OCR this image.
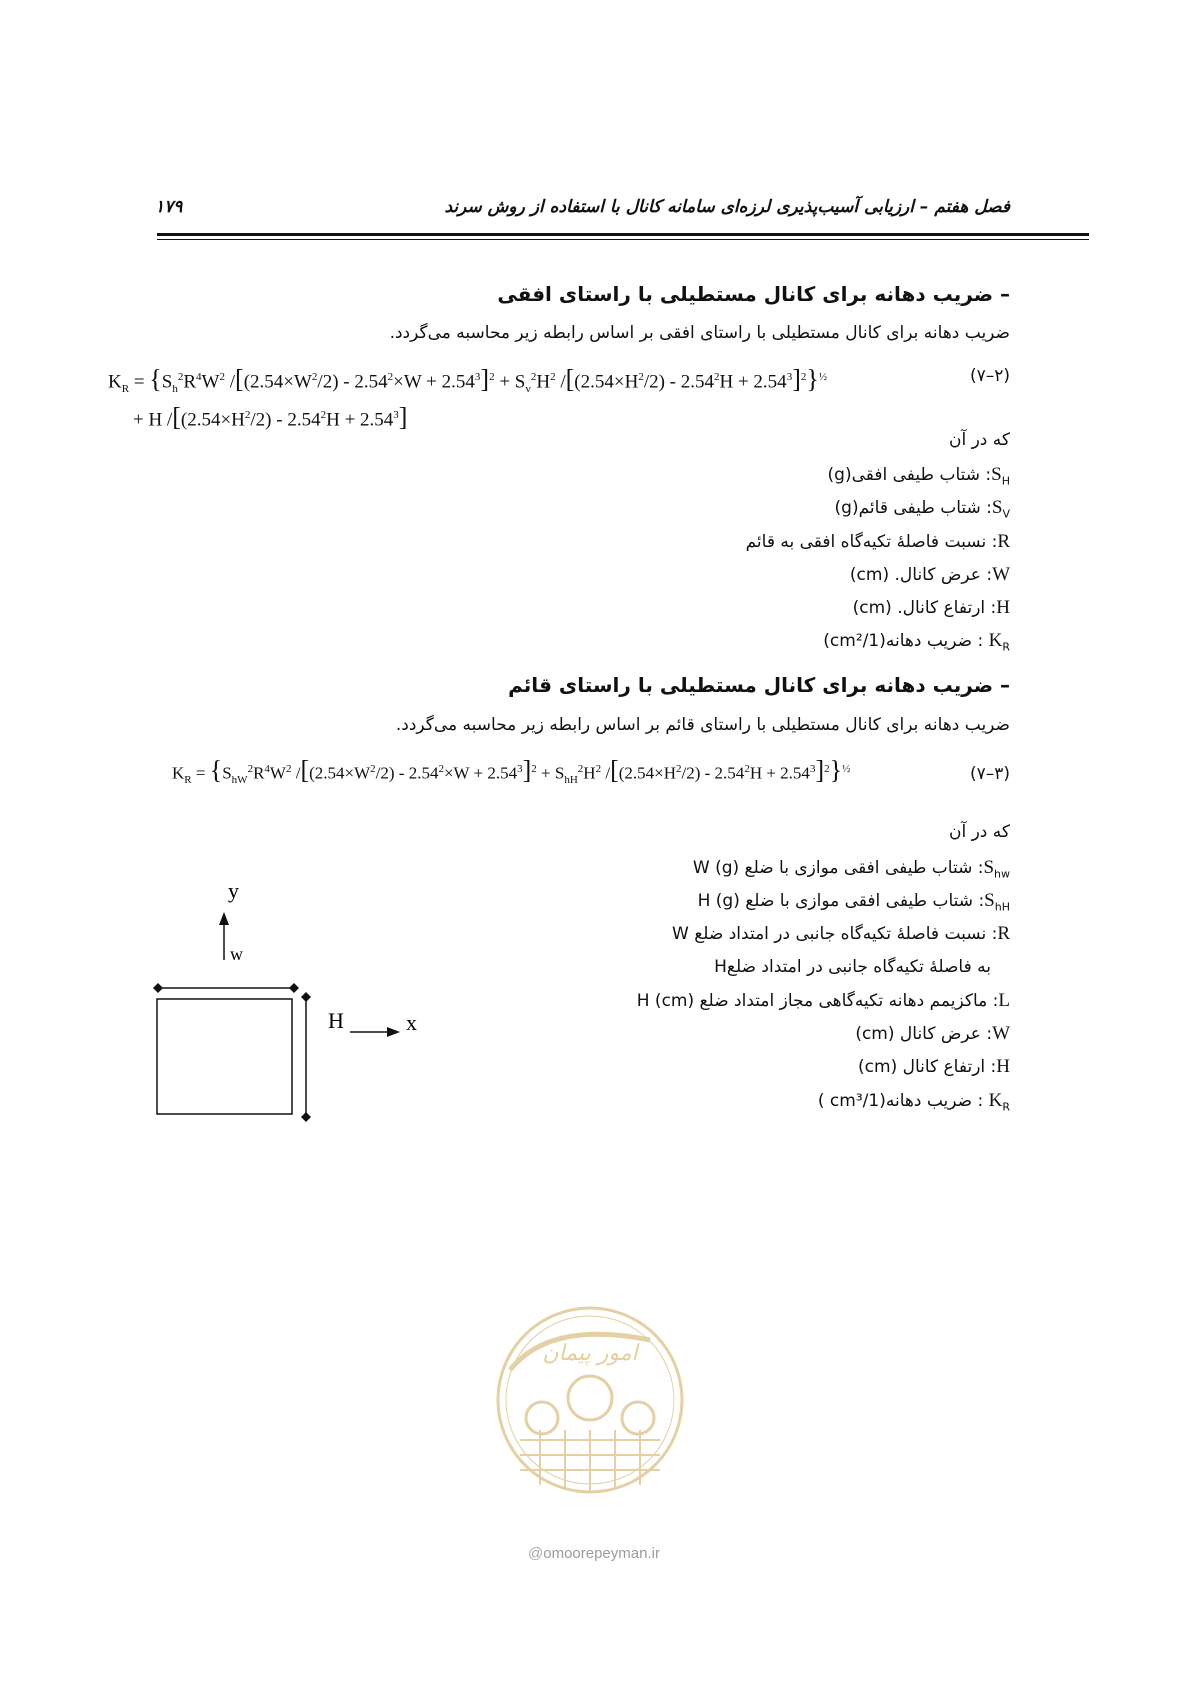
فصل هفتم – ارزیابی آسیب‌پذیری لرزه‌ای سامانه کانال با استفاده از روش سرند
۱۷۹
– ضریب دهانه برای کانال مستطیلی با راستای افقی
ضریب دهانه برای کانال مستطیلی با راستای افقی بر اساس رابطه زیر محاسبه می‌گردد.
$K_R = \{S_h^2R^4W^2$ $/[(2.54\times W^2/2) - 2.54^2\times W + 2.54^3]^2 + S_v^2H^2$ $/[(2.54\times H^2/2) - 2.54^2H + 2.54^3]^2\}^{\frac{1}{2}}$
+ H $/[(2.54\times H^2/2) - 2.54^2H + 2.54^3]$
(۲–۷)
که در آن
$S_H$: شتاب طیفی افقی(g)
$S_V$: شتاب طیفی قائم(g)
R: نسبت فاصلهٔ تکیه‌گاه افقی به قائم
W: عرض کانال. (cm)
H: ارتفاع کانال. (cm)
$K_R$ : ضریب دهانه(1/cm²)
– ضریب دهانه برای کانال مستطیلی با راستای قائم
ضریب دهانه برای کانال مستطیلی با راستای قائم بر اساس رابطه زیر محاسبه می‌گردد.
$K_R = \{S_{hW}^2R^4W^2$ $/[(2.54\times W^2/2) - 2.54^2\times W + 2.54^3]^2 + S_{hH}^2H^2$ $/[(2.54\times H^2/2) - 2.54^2H + 2.54^3]^2\}^{\frac{1}{2}}$	(۳–۷)
که در آن
$S_{hw}$: شتاب طیفی افقی موازی با ضلع W (g)
$S_{hH}$: شتاب طیفی افقی موازی با ضلع H (g)
R: نسبت فاصلهٔ تکیه‌گاه جانبی در امتداد ضلع W
به فاصلهٔ تکیه‌گاه جانبی در امتداد ضلعH
L: ماکزیمم دهانه تکیه‌گاهی مجاز امتداد ضلع H (cm)
W: عرض کانال (cm)
H: ارتفاع کانال (cm)
$K_R$ : ضریب دهانه(1/cm³ )
y
w
H	x
امور پیمان
@omoorepeyman.ir
